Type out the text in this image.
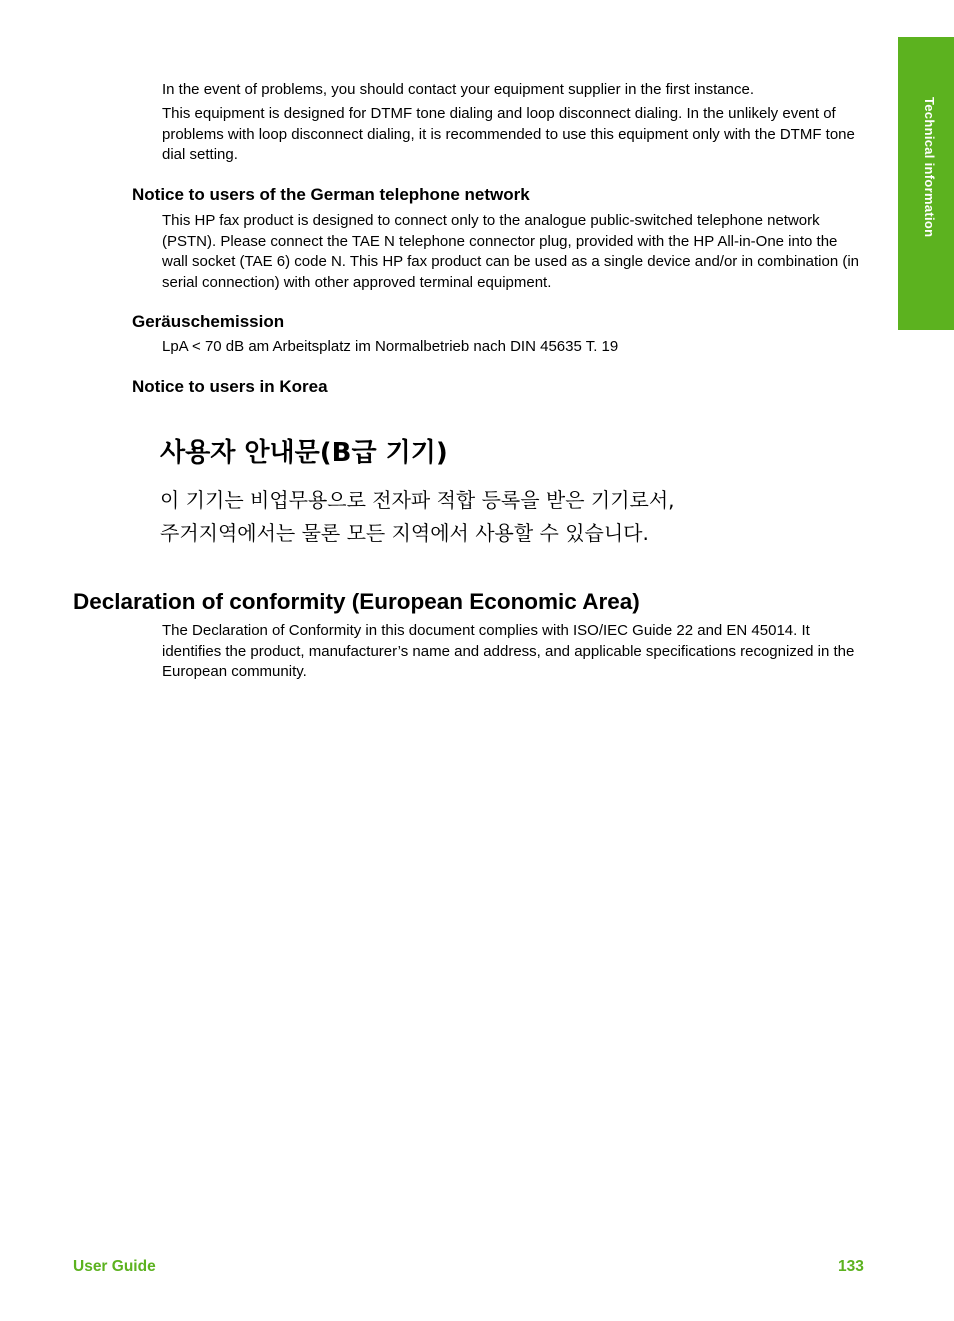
Technical information

In the event of problems, you should contact your equipment supplier in the first instance.

This equipment is designed for DTMF tone dialing and loop disconnect dialing. In the unlikely event of problems with loop disconnect dialing, it is recommended to use this equipment only with the DTMF tone dial setting.

Notice to users of the German telephone network

This HP fax product is designed to connect only to the analogue public-switched telephone network (PSTN). Please connect the TAE N telephone connector plug, provided with the HP All-in-One into the wall socket (TAE 6) code N. This HP fax product can be used as a single device and/or in combination (in serial connection) with other approved terminal equipment.

Geräuschemission

LpA < 70 dB am Arbeitsplatz im Normalbetrieb nach DIN 45635 T. 19

Notice to users in Korea

사용자 안내문(B급 기기)

이 기기는 비업무용으로 전자파 적합 등록을 받은 기기로서,
주거지역에서는 물론 모든 지역에서 사용할 수 있습니다.

Declaration of conformity (European Economic Area)

The Declaration of Conformity in this document complies with ISO/IEC Guide 22 and EN 45014. It identifies the product, manufacturer’s name and address, and applicable specifications recognized in the European community.

User Guide	133
